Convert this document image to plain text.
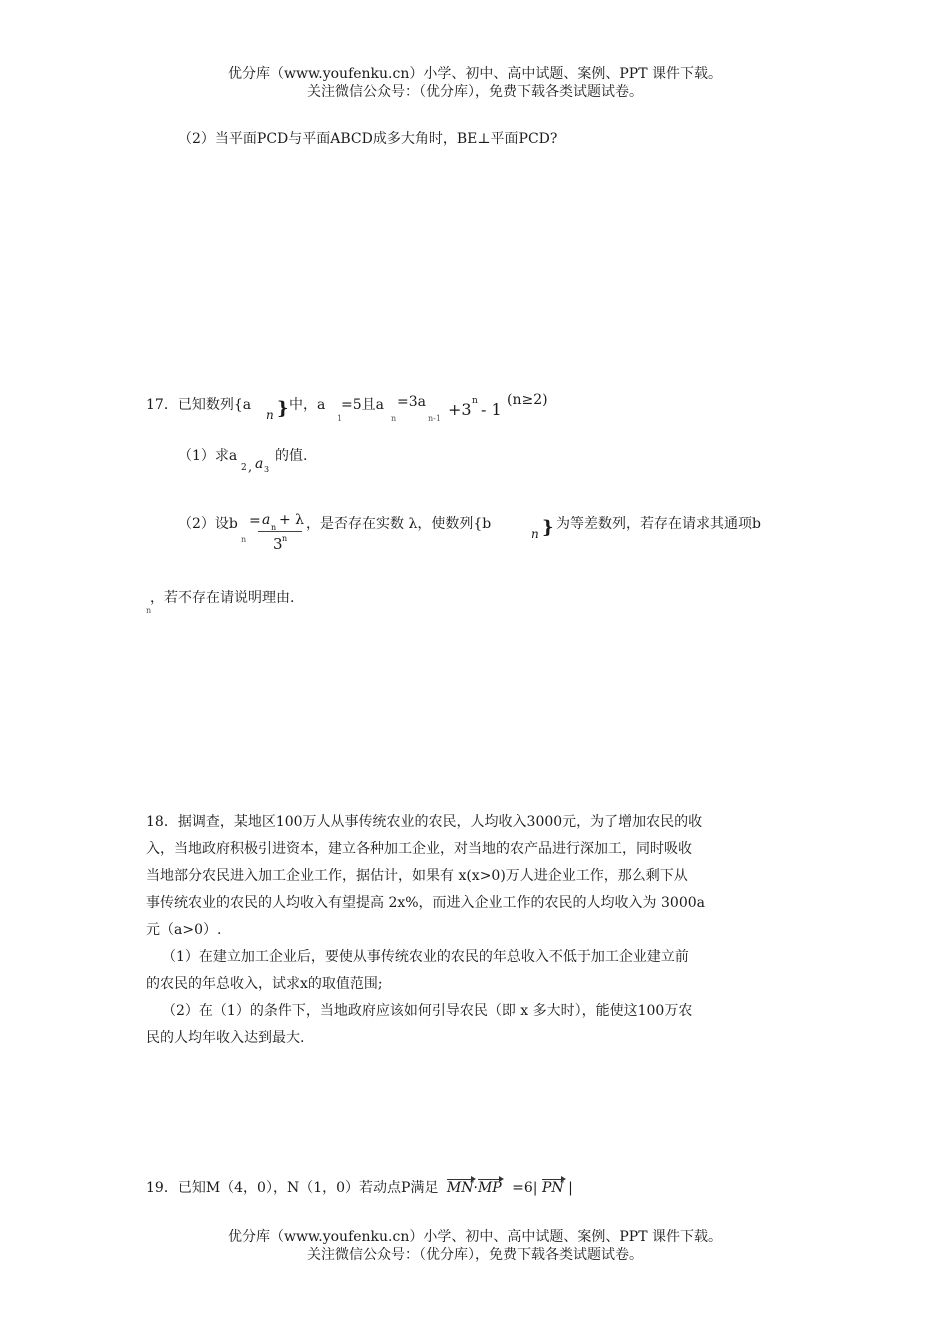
优分库（www.youfenku.cn）小学、初中、高中试题、案例、PPT 课件下载。
关注微信公众号：（优分库），免费下载各类试题试卷。
（2）当平面PCD与平面ABCD成多大角时，BE⊥平面PCD?
17．已知数列{a
n } 中，a
1
=5且a
n
=3a
n-1 +3 n - 1 (n≥2)
（1）求a
2 , a 3
的值.
（2）设b
n
= a n + λ
3 n
，是否存在实数 λ，使数列{b
n } 为等差数列，若存在请求其通项b
，若不存在请说明理由.
n
18．据调查，某地区100万人从事传统农业的农民，人均收入3000元，为了增加农民的收
入，当地政府积极引进资本，建立各种加工企业，对当地的农产品进行深加工，同时吸收
当地部分农民进入加工企业工作，据估计，如果有 x(x>0)万人进企业工作，那么剩下从
事传统农业的农民的人均收入有望提高 2x%，而进入企业工作的农民的人均收入为 3000a
元（a>0）.
（1）在建立加工企业后，要使从事传统农业的农民的年总收入不低于加工企业建立前
的农民的年总收入，试求x的取值范围;
（2）在（1）的条件下，当地政府应该如何引导农民（即 x 多大时），能使这100万农
民的人均年收入达到最大.
19．已知M（4，0），N（1，0）若动点P满足 MN·MP =6| PN |
优分库（www.youfenku.cn）小学、初中、高中试题、案例、PPT 课件下载。
关注微信公众号：（优分库），免费下载各类试题试卷。
